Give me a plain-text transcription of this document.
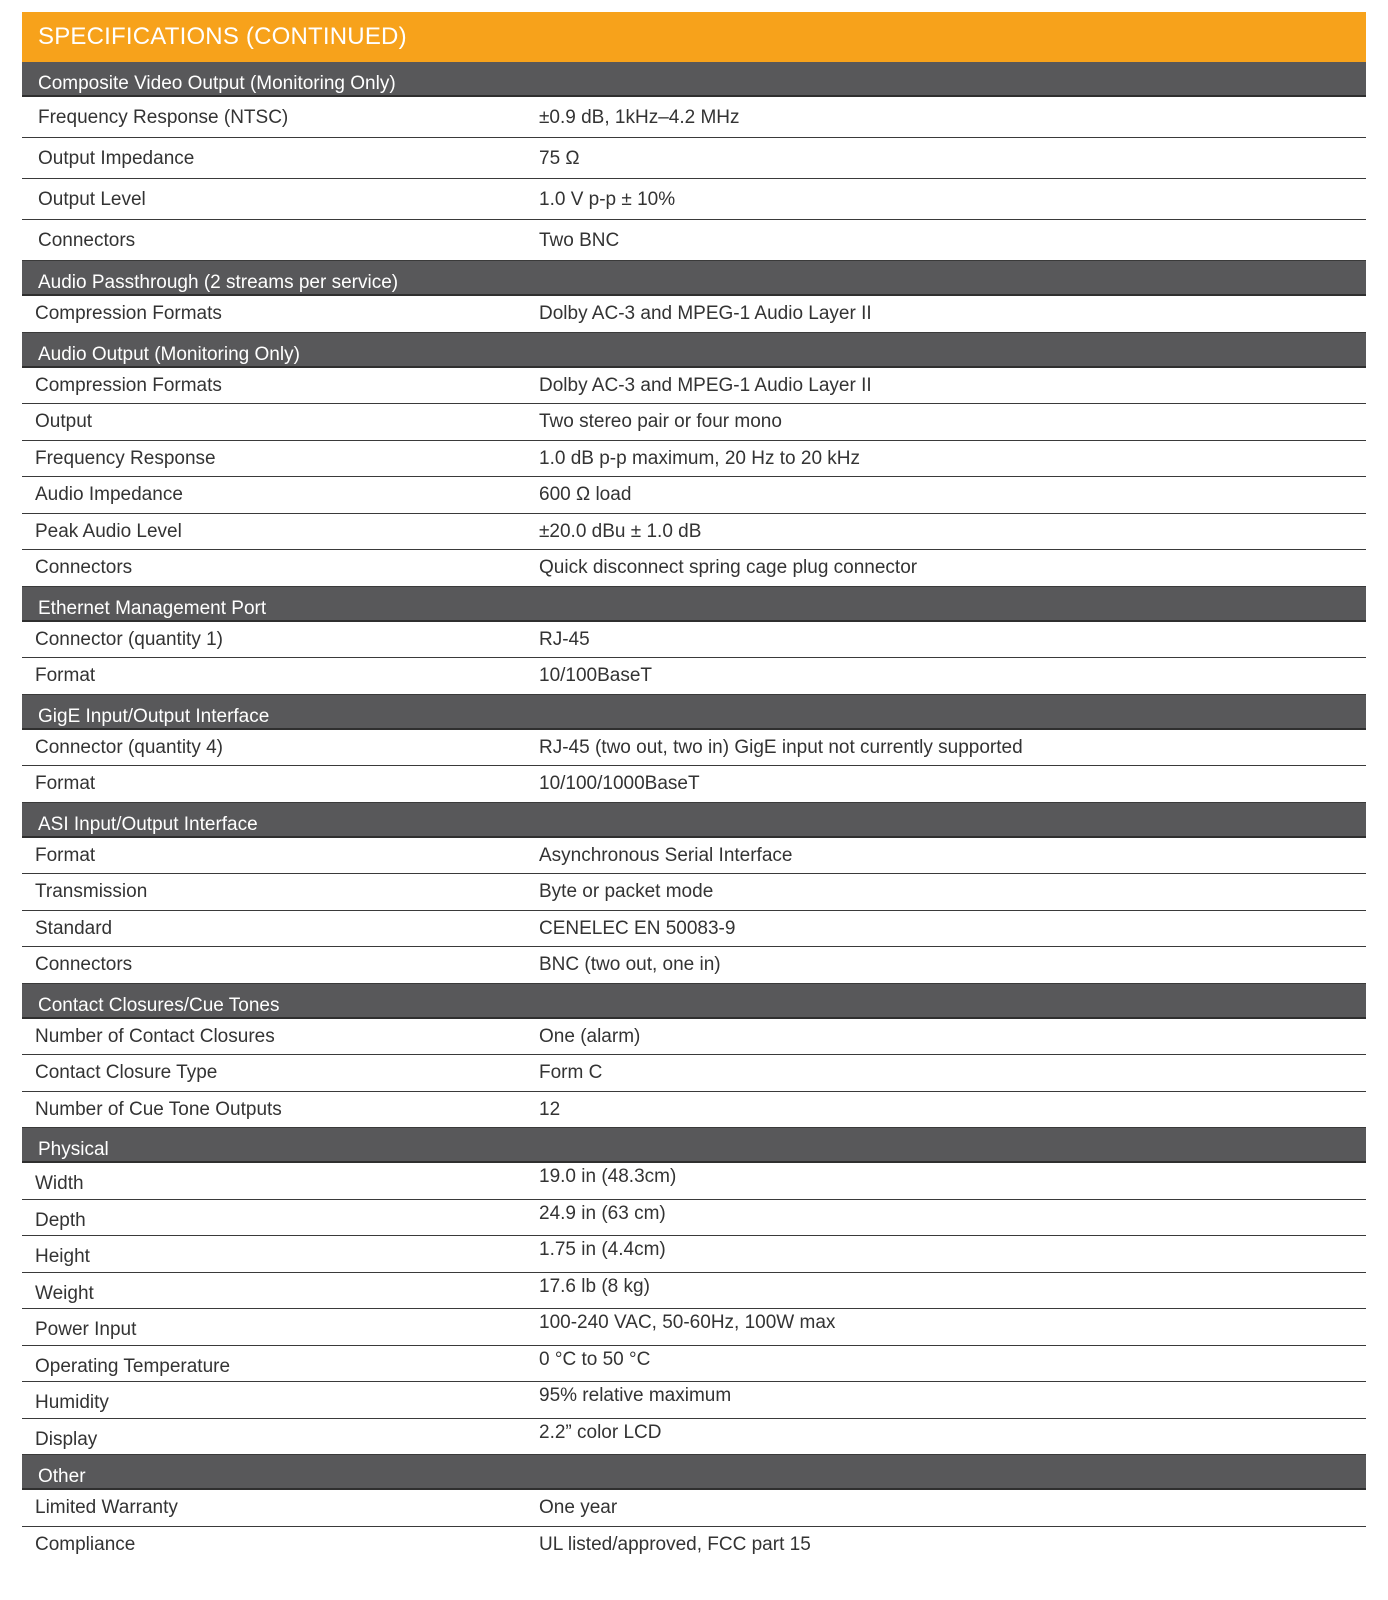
SPECIFICATIONS (CONTINUED)
Composite Video Output (Monitoring Only)
Frequency Response (NTSC)	±0.9 dB, 1kHz–4.2 MHz
Output Impedance	75 Ω
Output Level	1.0 V p-p ± 10%
Connectors	Two BNC
Audio Passthrough (2 streams per service)
Compression Formats	Dolby AC-3 and MPEG-1 Audio Layer II
Audio Output (Monitoring Only)
Compression Formats	Dolby AC-3 and MPEG-1 Audio Layer II
Output	Two stereo pair or four mono
Frequency Response	1.0 dB p-p maximum, 20 Hz to 20 kHz
Audio Impedance	600 Ω load
Peak Audio Level	±20.0 dBu ± 1.0 dB
Connectors	Quick disconnect spring cage plug connector
Ethernet Management Port
Connector (quantity 1)	RJ-45
Format	10/100BaseT
GigE Input/Output Interface
Connector (quantity 4)	RJ-45 (two out, two in) GigE input not currently supported
Format	10/100/1000BaseT
ASI Input/Output Interface
Format	Asynchronous Serial Interface
Transmission	Byte or packet mode
Standard	CENELEC EN 50083-9
Connectors	BNC (two out, one in)
Contact Closures/Cue Tones
Number of Contact Closures	One (alarm)
Contact Closure Type	Form C
Number of Cue Tone Outputs	12
Physical
Width	19.0 in (48.3cm)
Depth	24.9 in (63 cm)
Height	1.75 in (4.4cm)
Weight	17.6 lb (8 kg)
Power Input	100-240 VAC, 50-60Hz, 100W max
Operating Temperature	0 °C to 50 °C
Humidity	95% relative maximum
Display	2.2” color LCD
Other
Limited Warranty	One year
Compliance	UL listed/approved, FCC part 15
